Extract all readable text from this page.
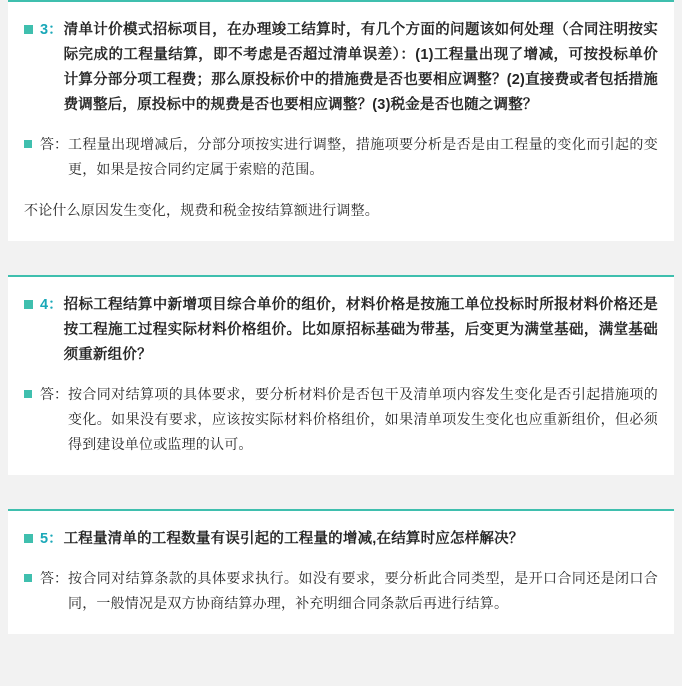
3： 清单计价模式招标项目，在办理竣工结算时，有几个方面的问题该如何处理（合同注明按实际完成的工程量结算，即不考虑是否超过清单误差）：(1)工程量出现了增减，可按投标单价计算分部分项工程费；那么原投标价中的措施费是否也要相应调整？(2)直接费或者包括措施费调整后，原投标中的规费是否也要相应调整？(3)税金是否也随之调整？
答： 工程量出现增减后，分部分项按实进行调整，措施项要分析是否是由工程量的变化而引起的变更，如果是按合同约定属于索赔的范围。
不论什么原因发生变化，规费和税金按结算额进行调整。
4： 招标工程结算中新增项目综合单价的组价，材料价格是按施工单位投标时所报材料价格还是按工程施工过程实际材料价格组价。比如原招标基础为带基，后变更为满堂基础，满堂基础须重新组价？
答： 按合同对结算项的具体要求，要分析材料价是否包干及清单项内容发生变化是否引起措施项的变化。如果没有要求，应该按实际材料价格组价，如果清单项发生变化也应重新组价，但必须得到建设单位或监理的认可。
5： 工程量清单的工程数量有误引起的工程量的增减,在结算时应怎样解决？
答： 按合同对结算条款的具体要求执行。如没有要求，要分析此合同类型，是开口合同还是闭口合同，一般情况是双方协商结算办理，补充明细合同条款后再进行结算。
